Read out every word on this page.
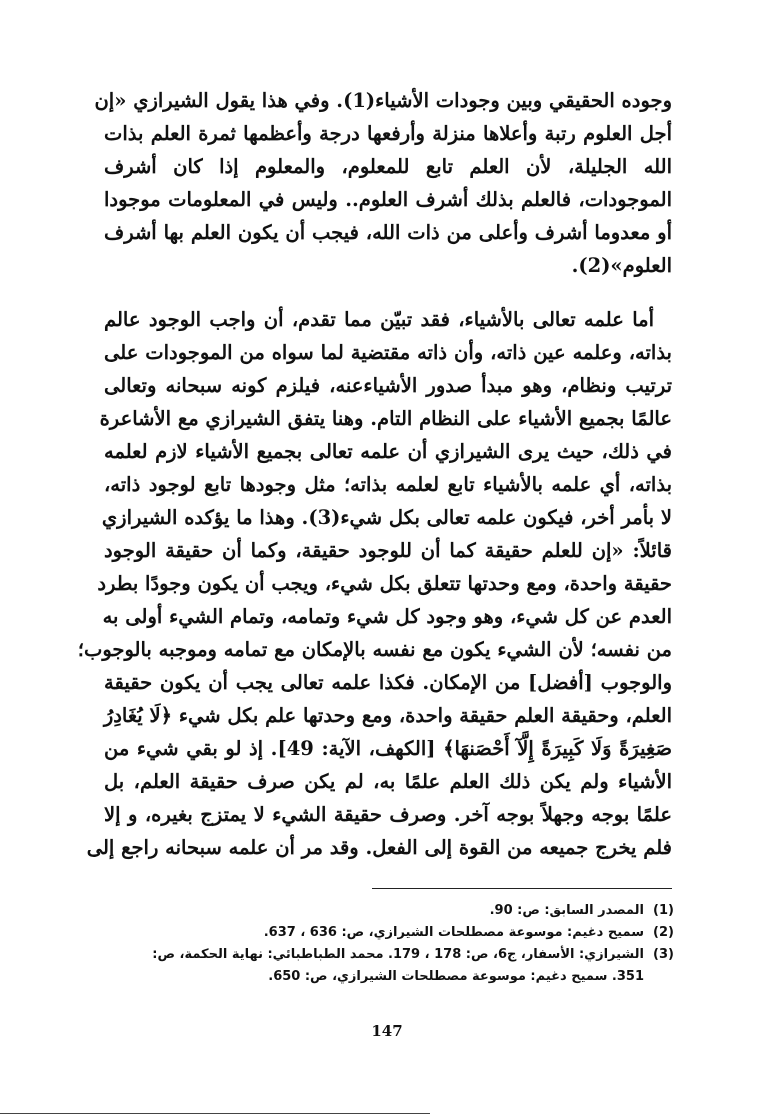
وجوده الحقيقي وبين وجودات الأشياء(1). وفي هذا يقول الشيرازي «إن
أجل العلوم رتبة وأعلاها منزلة وأرفعها درجة وأعظمها ثمرة العلم بذات
الله الجليلة، لأن العلم تابع للمعلوم، والمعلوم إذا كان أشرف
الموجودات، فالعلم بذلك أشرف العلوم.. وليس في المعلومات موجودا
أو معدوما أشرف وأعلى من ذات الله، فيجب أن يكون العلم بها أشرف
العلوم»(2).
أما علمه تعالى بالأشياء، فقد تبيّن مما تقدم، أن واجب الوجود عالم
بذاته، وعلمه عين ذاته، وأن ذاته مقتضية لما سواه من الموجودات على
ترتيب ونظام، وهو مبدأ صدور الأشياءعنه، فيلزم كونه سبحانه وتعالى
عالمًا بجميع الأشياء على النظام التام. وهنا يتفق الشيرازي مع الأشاعرة
في ذلك، حيث يرى الشيرازي أن علمه تعالى بجميع الأشياء لازم لعلمه
بذاته، أي علمه بالأشياء تابع لعلمه بذاته؛ مثل وجودها تابع لوجود ذاته،
لا بأمر أخر، فيكون علمه تعالى بكل شيء(3). وهذا ما يؤكده الشيرازي
قائلاً: «إن للعلم حقيقة كما أن للوجود حقيقة، وكما أن حقيقة الوجود
حقيقة واحدة، ومع وحدتها تتعلق بكل شيء، ويجب أن يكون وجودًا بطرد
العدم عن كل شيء، وهو وجود كل شيء وتمامه، وتمام الشيء أولى به
من نفسه؛ لأن الشيء يكون مع نفسه بالإمكان مع تمامه وموجبه بالوجوب؛
والوجوب [أفضل] من الإمكان. فكذا علمه تعالى يجب أن يكون حقيقة
العلم، وحقيقة العلم حقيقة واحدة، ومع وحدتها علم بكل شيء ﴿لَا يُغَادِرُ
صَغِيرَةً وَلَا كَبِيرَةً إِلَّآ أَحْصَنهَا﴾ [الكهف، الآية: 49]. إذ لو بقي شيء من
الأشياء ولم يكن ذلك العلم علمًا به، لم يكن صرف حقيقة العلم، بل
علمًا بوجه وجهلاً بوجه آخر. وصرف حقيقة الشيء لا يمتزج بغيره، و إلا
فلم يخرج جميعه من القوة إلى الفعل. وقد مر أن علمه سبحانه راجع إلى
(1)المصدر السابق: ص: 90.
(2)سميح دغيم: موسوعة مصطلحات الشيرازي، ص: 636 ، 637.
(3)الشيرازي: الأسفار، ج6، ص: 178 ، 179. محمد الطباطبائي: نهاية الحكمة، ص:
351. سميح دغيم: موسوعة مصطلحات الشيرازي، ص: 650.
147
